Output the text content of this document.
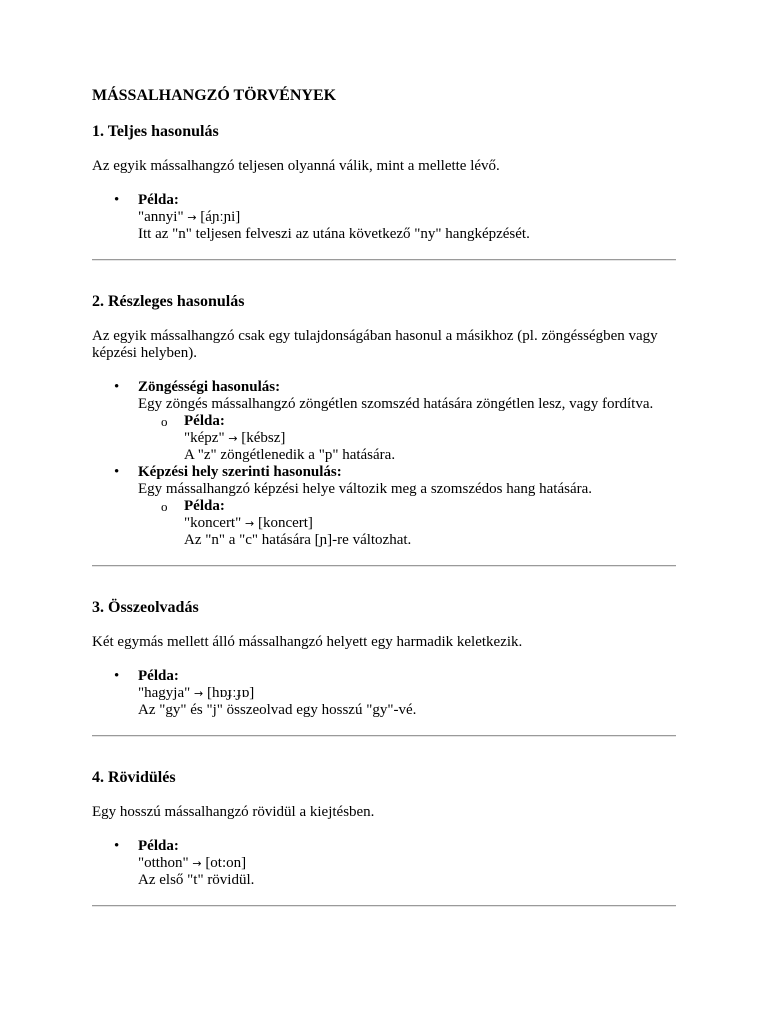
MÁSSALHANGZÓ TÖRVÉNYEK
1. Teljes hasonulás

Az egyik mássalhangzó teljesen olyanná válik, mint a mellette lévő.

• Példa:
"annyi" → [áɲːɲi]
Itt az "n" teljesen felveszi az utána következő "ny" hangképzését.
2. Részleges hasonulás

Az egyik mássalhangzó csak egy tulajdonságában hasonul a másikhoz (pl. zöngésségben vagy képzési helyben).

• Zöngésségi hasonulás:
Egy zöngés mássalhangzó zöngétlen szomszéd hatására zöngétlen lesz, vagy fordítva.
o Példa:
"képz" → [kébsz]
A "z" zöngétlenedik a "p" hatására.
• Képzési hely szerinti hasonulás:
Egy mássalhangzó képzési helye változik meg a szomszédos hang hatására.
o Példa:
"koncert" → [koncert]
Az "n" a "c" hatására [ɲ]-re változhat.
3. Összeolvadás

Két egymás mellett álló mássalhangzó helyett egy harmadik keletkezik.

• Példa:
"hagyja" → [hɒɟːɟɒ]
Az "gy" és "j" összeolvad egy hosszú "gy"-vé.
4. Rövidülés

Egy hosszú mássalhangzó rövidül a kiejtésben.

• Példa:
"otthon" → [ot:on]
Az első "t" rövidül.
